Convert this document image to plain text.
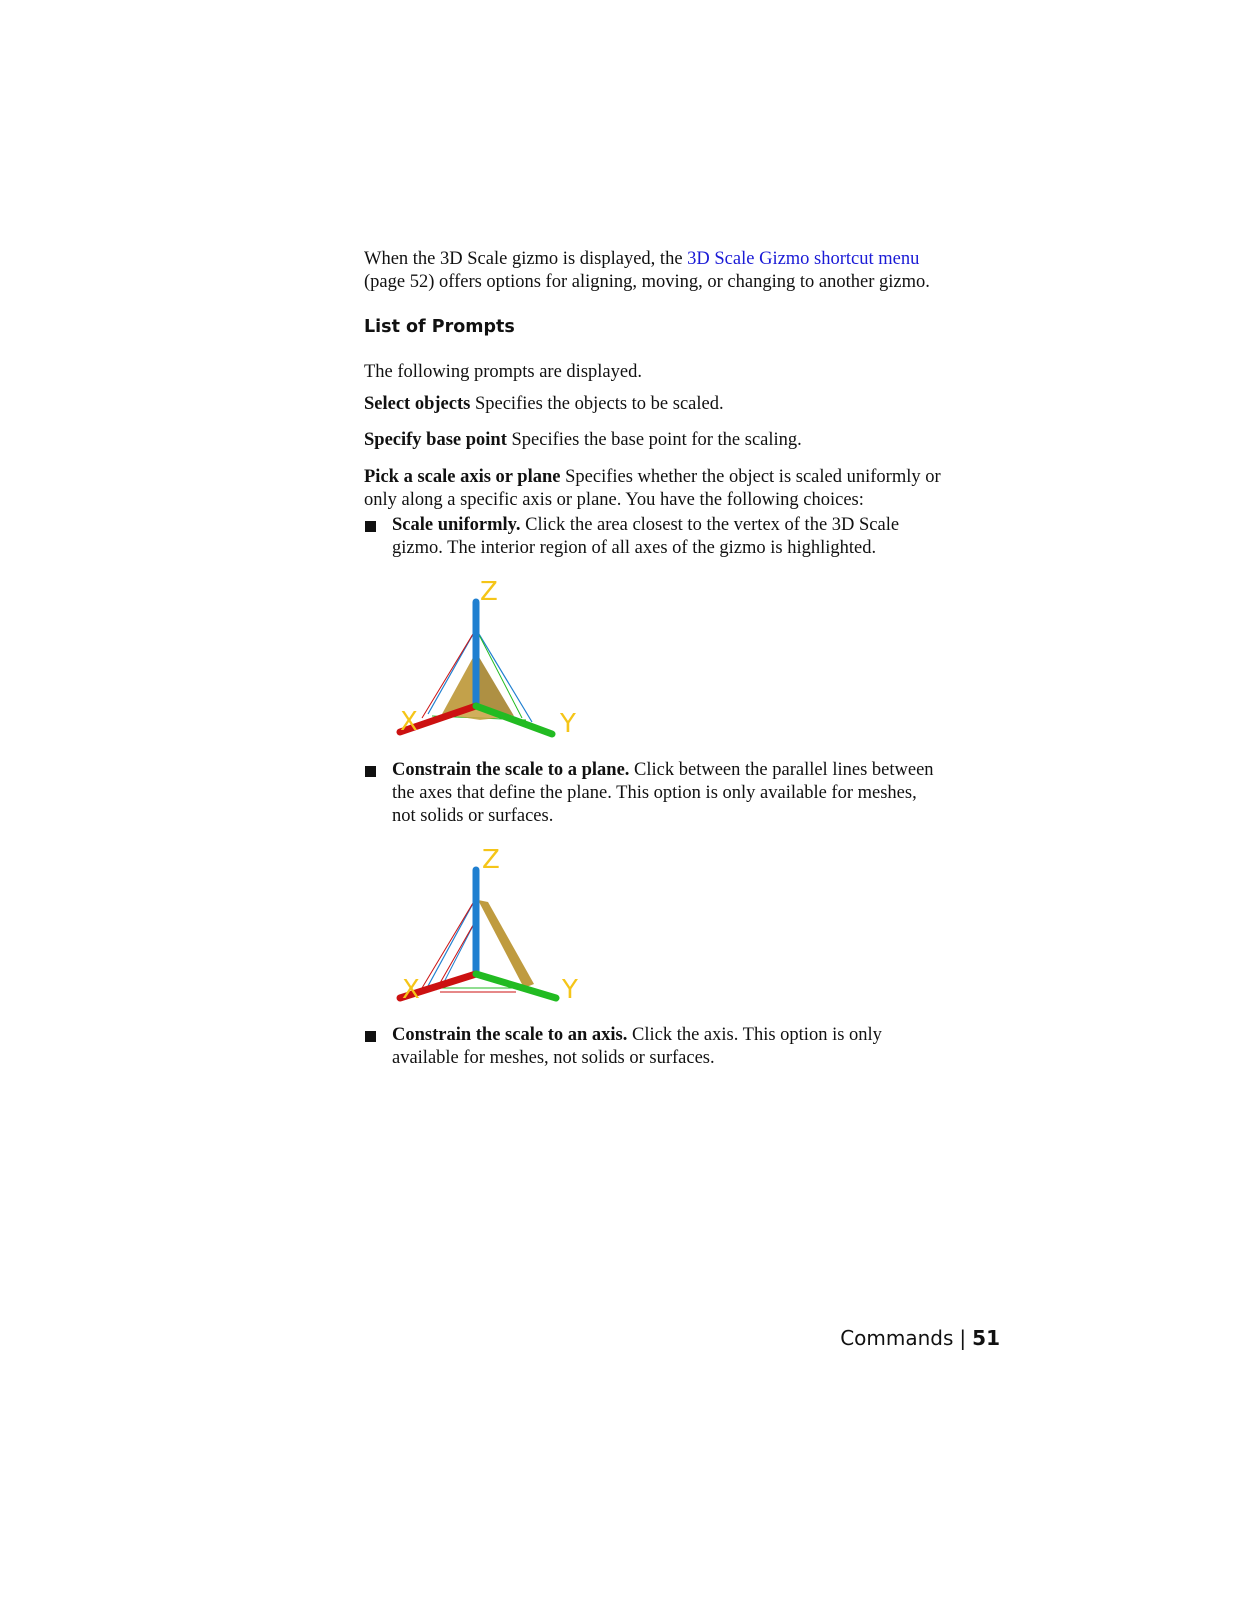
When the 3D Scale gizmo is displayed, the 3D Scale Gizmo shortcut menu
(page 52) offers options for aligning, moving, or changing to another gizmo.

List of Prompts

The following prompts are displayed.

Select objects Specifies the objects to be scaled.

Specify base point Specifies the base point for the scaling.

Pick a scale axis or plane Specifies whether the object is scaled uniformly or
only along a specific axis or plane. You have the following choices:

Scale uniformly. Click the area closest to the vertex of the 3D Scale
gizmo. The interior region of all axes of the gizmo is highlighted.
Z
X	Y
Constrain the scale to a plane. Click between the parallel lines between
the axes that define the plane. This option is only available for meshes,
not solids or surfaces.
Z
X	Y
Constrain the scale to an axis. Click the axis. This option is only
available for meshes, not solids or surfaces.
Commands | 51
